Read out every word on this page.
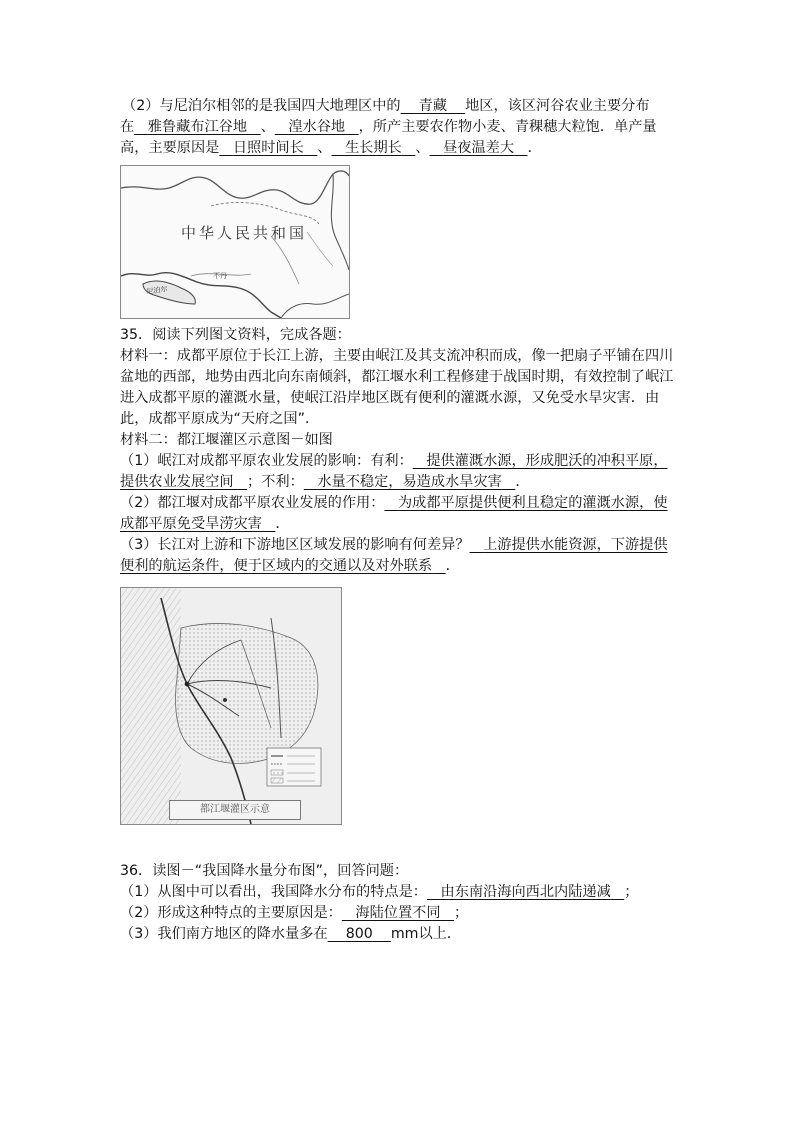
（2）与尼泊尔相邻的是我国四大地理区中的 青藏 地区，该区河谷农业主要分布在 雅鲁藏布江谷地 、 湟水谷地 ，所产主要农作物小麦、青稞穗大粒饱．单产量高，主要原因是 日照时间长 、 生长期长 、 昼夜温差大 ．

中华人民共和国
尼泊尔
不丹

35．阅读下列图文资料，完成各题：

材料一：成都平原位于长江上游，主要由岷江及其支流冲积而成，像一把扇子平铺在四川盆地的西部，地势由西北向东南倾斜，都江堰水利工程修建于战国时期，有效控制了岷江进入成都平原的灌溉水量，使岷江沿岸地区既有便利的灌溉水源，又免受水旱灾害．由此，成都平原成为“天府之国”．

材料二：都江堰灌区示意图－如图

（1）岷江对成都平原农业发展的影响：有利： 提供灌溉水源，形成肥沃的冲积平原，提供农业发展空间 ；不利： 水量不稳定，易造成水旱灾害 ．

（2）都江堰对成都平原农业发展的作用： 为成都平原提供便利且稳定的灌溉水源，使成都平原免受旱涝灾害 ．

（3）长江对上游和下游地区区域发展的影响有何差异？ 上游提供水能资源，下游提供便利的航运条件，便于区域内的交通以及对外联系 ．

都江堰灌区示意

36．读图－“我国降水量分布图”，回答问题：

（1）从图中可以看出，我国降水分布的特点是： 由东南沿海向西北内陆递减 ；

（2）形成这种特点的主要原因是： 海陆位置不同 ；

（3）我们南方地区的降水量多在 800 mm以上．
